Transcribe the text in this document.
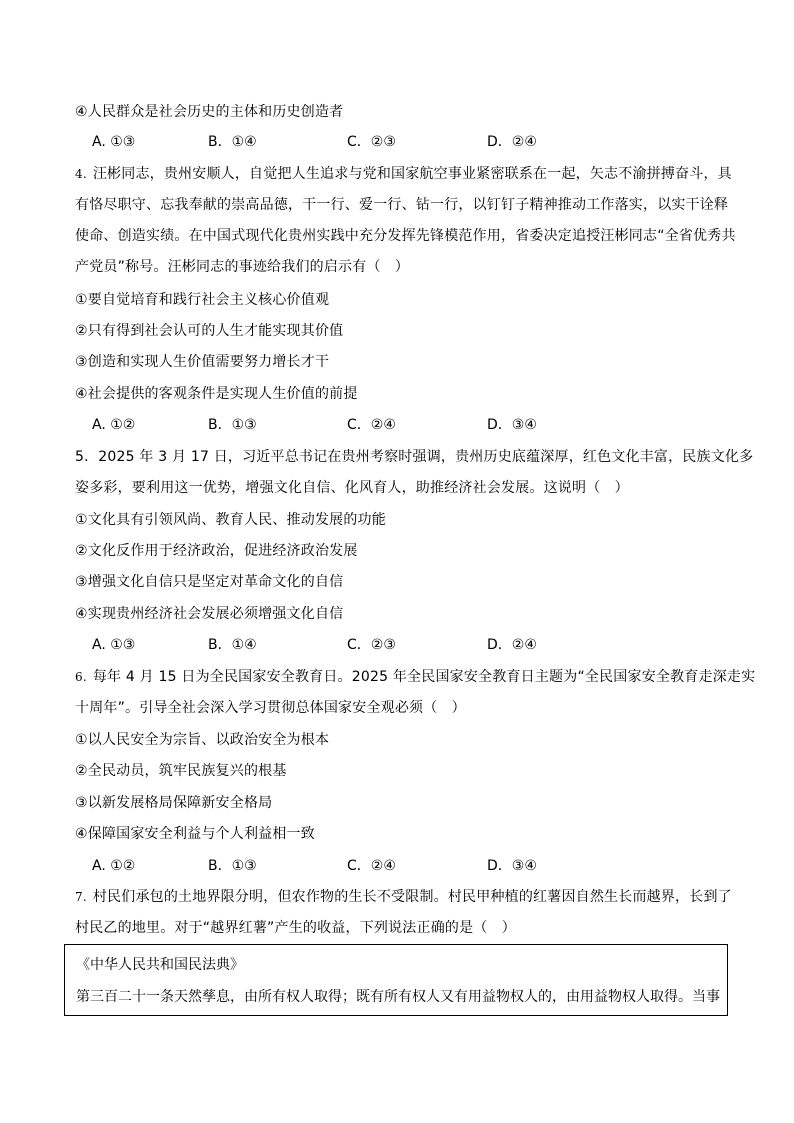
④人民群众是社会历史的主体和历史创造者
A. ①③	B．①④	C．②③	D．②④
4. 汪彬同志，贵州安顺人，自觉把人生追求与党和国家航空事业紧密联系在一起，矢志不渝拼搏奋斗，具
有恪尽职守、忘我奉献的崇高品德，干一行、爱一行、钻一行，以钉钉子精神推动工作落实，以实干诠释
使命、创造实绩。在中国式现代化贵州实践中充分发挥先锋模范作用，省委决定追授汪彬同志“全省优秀共
产党员”称号。汪彬同志的事迹给我们的启示有（　）
①要自觉培育和践行社会主义核心价值观
②只有得到社会认可的人生才能实现其价值
③创造和实现人生价值需要努力增长才干
④社会提供的客观条件是实现人生价值的前提
A. ①②	B．①③	C．②④	D．③④
5．2025 年 3 月 17 日，习近平总书记在贵州考察时强调，贵州历史底蕴深厚，红色文化丰富，民族文化多
姿多彩，要利用这一优势，增强文化自信、化风育人，助推经济社会发展。这说明（　）
①文化具有引领风尚、教育人民、推动发展的功能
②文化反作用于经济政治，促进经济政治发展
③增强文化自信只是坚定对革命文化的自信
④实现贵州经济社会发展必须增强文化自信
A. ①③	B．①④	C．②③	D．②④
6. 每年 4 月 15 日为全民国家安全教育日。2025 年全民国家安全教育日主题为“全民国家安全教育走深走实
十周年”。引导全社会深入学习贯彻总体国家安全观必须（　）
①以人民安全为宗旨、以政治安全为根本
②全民动员，筑牢民族复兴的根基
③以新发展格局保障新安全格局
④保障国家安全利益与个人利益相一致
A. ①②	B．①③	C．②④	D．③④
7. 村民们承包的土地界限分明，但农作物的生长不受限制。村民甲种植的红薯因自然生长而越界，长到了
村民乙的地里。对于“越界红薯”产生的收益，下列说法正确的是（　）
《中华人民共和国民法典》
第三百二十一条天然孳息，由所有权人取得；既有所有权人又有用益物权人的，由用益物权人取得。当事
